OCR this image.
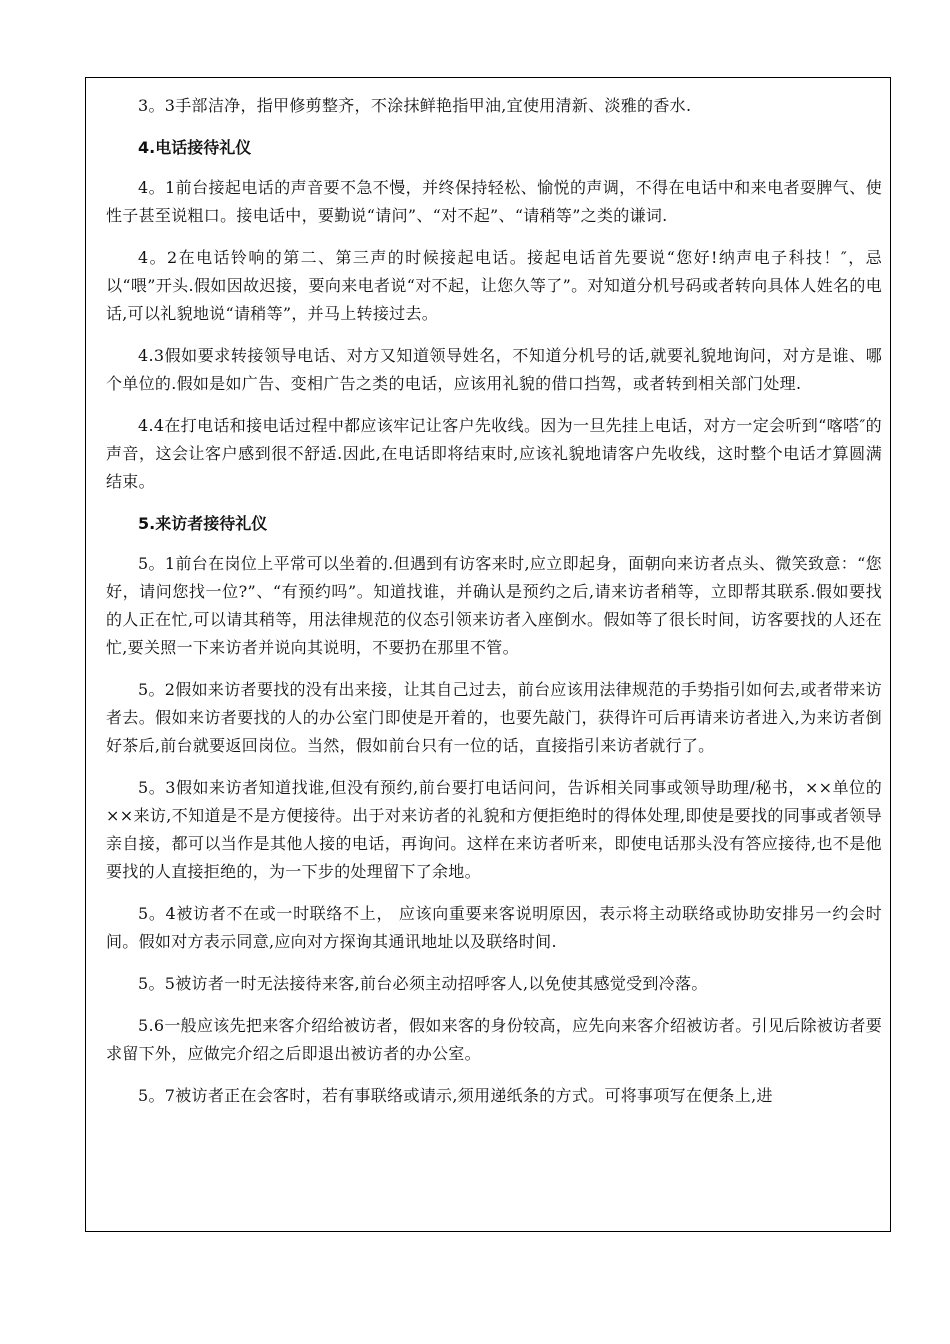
3。3手部洁净，指甲修剪整齐，不涂抹鲜艳指甲油,宜使用清新、淡雅的香水.

4.电话接待礼仪

4。1前台接起电话的声音要不急不慢，并终保持轻松、愉悦的声调，不得在电话中和来电者耍脾气、使性子甚至说粗口。接电话中，要勤说“请问”、“对不起”、“请稍等”之类的谦词.

4。2在电话铃响的第二、第三声的时候接起电话。接起电话首先要说“您好!纳声电子科技！″，忌以“喂”开头.假如因故迟接，要向来电者说“对不起，让您久等了”。对知道分机号码或者转向具体人姓名的电话,可以礼貌地说“请稍等”，并马上转接过去。

4.3假如要求转接领导电话、对方又知道领导姓名，不知道分机号的话,就要礼貌地询问，对方是谁、哪个单位的.假如是如广告、变相广告之类的电话，应该用礼貌的借口挡驾，或者转到相关部门处理.

4.4在打电话和接电话过程中都应该牢记让客户先收线。因为一旦先挂上电话，对方一定会听到“喀嗒″的声音，这会让客户感到很不舒适.因此,在电话即将结束时,应该礼貌地请客户先收线，这时整个电话才算圆满结束。

5.来访者接待礼仪

5。1前台在岗位上平常可以坐着的.但遇到有访客来时,应立即起身，面朝向来访者点头、微笑致意：“您好，请问您找一位?”、“有预约吗”。知道找谁，并确认是预约之后,请来访者稍等，立即帮其联系.假如要找的人正在忙,可以请其稍等，用法律规范的仪态引领来访者入座倒水。假如等了很长时间，访客要找的人还在忙,要关照一下来访者并说向其说明，不要扔在那里不管。

5。2假如来访者要找的没有出来接，让其自己过去，前台应该用法律规范的手势指引如何去,或者带来访者去。假如来访者要找的人的办公室门即使是开着的，也要先敲门，获得许可后再请来访者进入,为来访者倒好茶后,前台就要返回岗位。当然，假如前台只有一位的话，直接指引来访者就行了。

5。3假如来访者知道找谁,但没有预约,前台要打电话问问，告诉相关同事或领导助理/秘书，××单位的××来访,不知道是不是方便接待。出于对来访者的礼貌和方便拒绝时的得体处理,即使是要找的同事或者领导亲自接，都可以当作是其他人接的电话，再询问。这样在来访者听来，即使电话那头没有答应接待,也不是他要找的人直接拒绝的，为一下步的处理留下了余地。

5。4被访者不在或一时联络不上， 应该向重要来客说明原因，表示将主动联络或协助安排另一约会时间。假如对方表示同意,应向对方探询其通讯地址以及联络时间.

5。5被访者一时无法接待来客,前台必须主动招呼客人,以免使其感觉受到冷落。

5.6一般应该先把来客介绍给被访者，假如来客的身份较高，应先向来客介绍被访者。引见后除被访者要求留下外，应做完介绍之后即退出被访者的办公室。

5。7被访者正在会客时，若有事联络或请示,须用递纸条的方式。可将事项写在便条上,进
